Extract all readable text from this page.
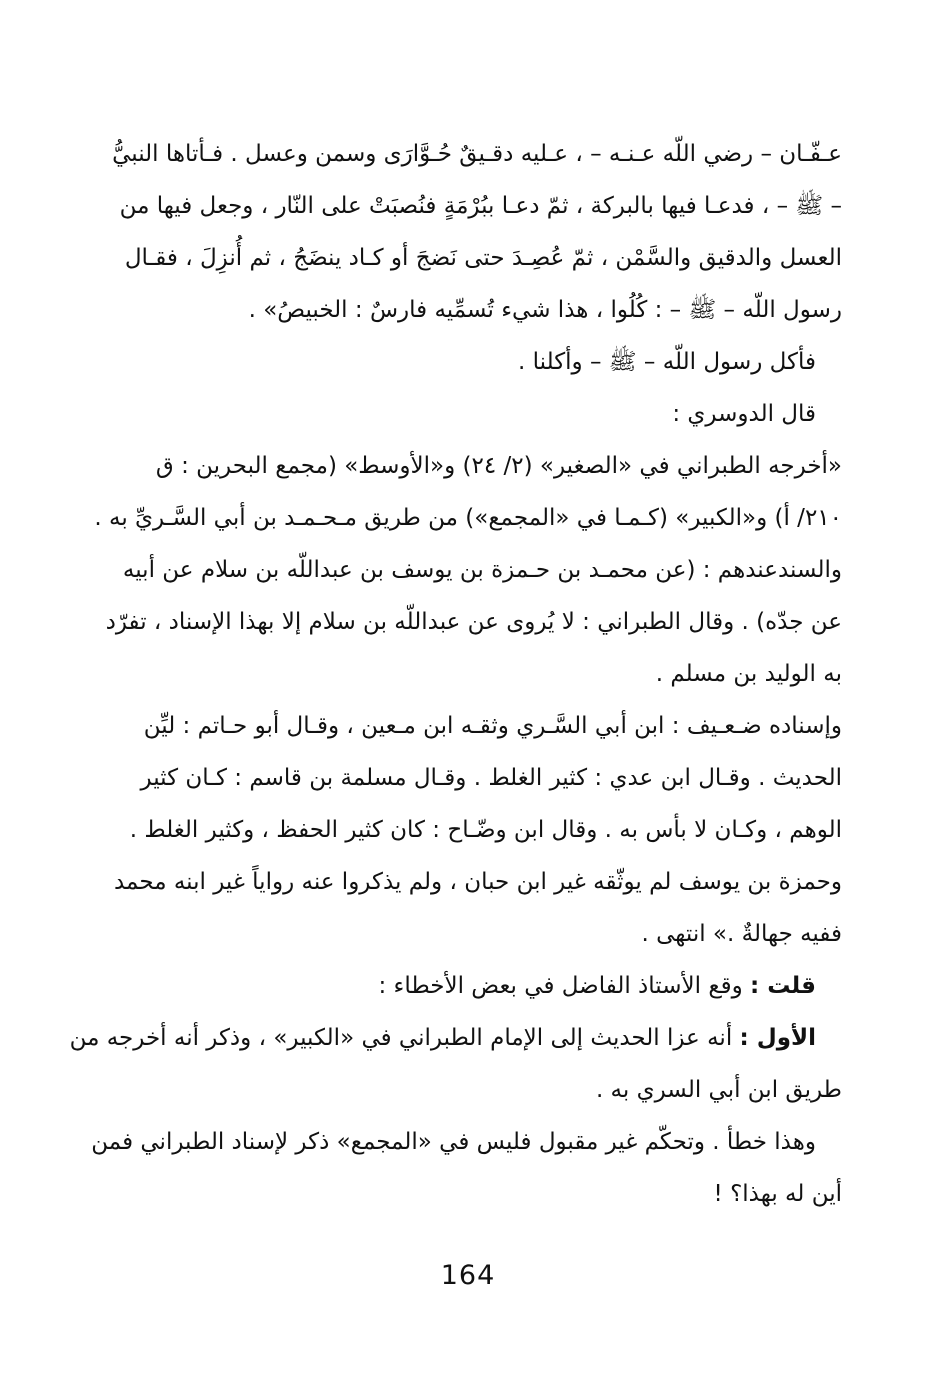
عـفّـان – رضي اللّه عـنـه – ، عـليه دقـيقٌ حُـوَّارَى وسمن وعسل . فـأتاها النبيُّ
– ﷺ – ، فدعـا فيها بالبركة ، ثمّ دعـا ببُرْمَةٍ فنُصبَتْ على النّار ، وجعل فيها من
العسل والدقيق والسَّمْن ، ثمّ عُصِـدَ حتى نَضجَ أو كـاد ينضَجُ ، ثم أُنزِلَ ، فقـال
رسول اللّه – ﷺ – : كُلُوا ، هذا شيء تُسمِّيه فارسٌ : الخبيصُ» .
فأكل رسول اللّه – ﷺ – وأكلنا .
قال الدوسري :
«أخرجه الطبراني في «الصغير» (٢/ ٢٤) و«الأوسط» (مجمع البحرين : ق
٢١٠/ أ) و«الكبير» (كـمـا في «المجمع») من طريق مـحـمـد بن أبي السَّـريِّ به .
والسندعندهم : (عن محمـد بن حـمزة بن يوسف بن عبداللّه بن سلام عن أبيه
عن جدّه) . وقال الطبراني : لا يُروى عن عبداللّه بن سلام إلا بهذا الإسناد ، تفرّد
به الوليد بن مسلم .
وإسناده ضـعـيف : ابن أبي السَّـري وثقـه ابن مـعين ، وقـال أبو حـاتم : ليِّن
الحديث . وقـال ابن عدي : كثير الغلط . وقـال مسلمة بن قاسم : كـان كثير
الوهم ، وكـان لا بأس به . وقال ابن وضّـاح : كان كثير الحفظ ، وكثير الغلط .
وحمزة بن يوسف لم يوثّقه غير ابن حبان ، ولم يذكروا عنه رواياً غير ابنه محمد
ففيه جهالةٌ .» انتهى .
قلت : وقع الأستاذ الفاضل في بعض الأخطاء :
الأول : أنه عزا الحديث إلى الإمام الطبراني في «الكبير» ، وذكر أنه أخرجه من
طريق ابن أبي السري به .
وهذا خطأ . وتحكّم غير مقبول فليس في «المجمع» ذكر لإسناد الطبراني فمن
أين له بهذا؟ !
164
